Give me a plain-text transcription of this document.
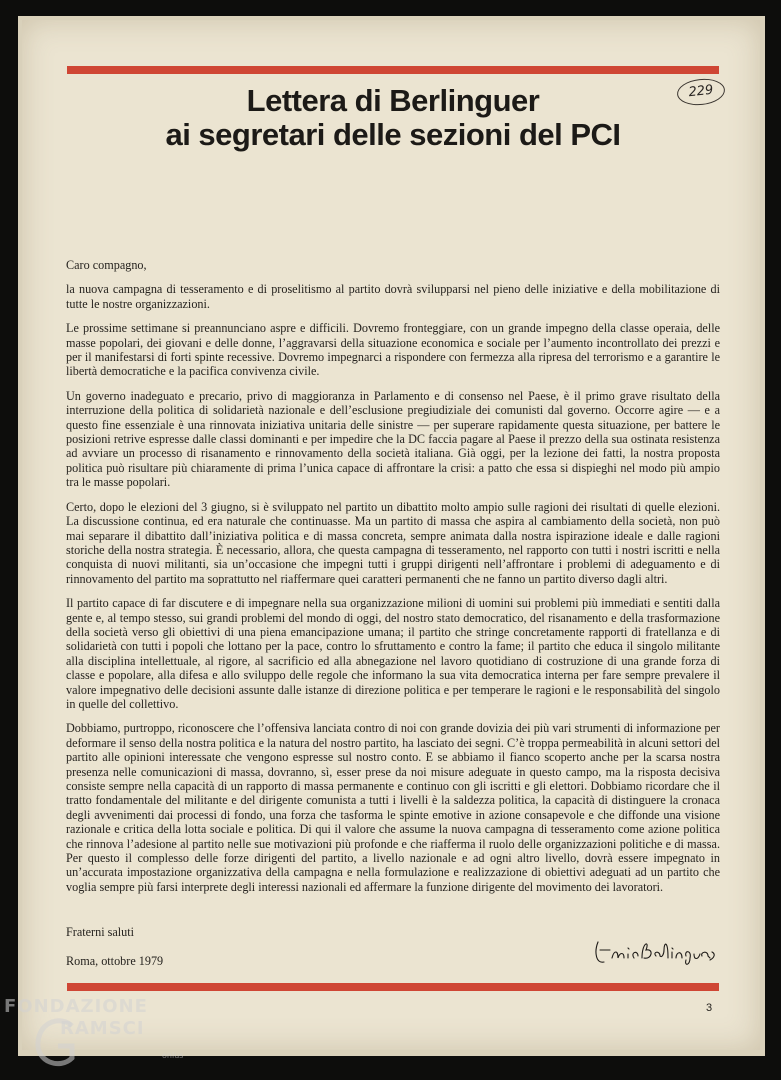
Lettera di Berlinguer
ai segretari delle sezioni del PCI
229

Caro compagno,

la nuova campagna di tesseramento e di proselitismo al partito dovrà svilupparsi nel pieno delle iniziative e della mobilitazione di tutte le nostre organizzazioni.

Le prossime settimane si preannunciano aspre e difficili. Dovremo fronteggiare, con un grande impegno della classe operaia, delle masse popolari, dei giovani e delle donne, l’aggravarsi della situazione economica e sociale per l’aumento incontrollato dei prezzi e per il manifestarsi di forti spinte recessive. Dovremo impegnarci a rispondere con fermezza alla ripresa del terrorismo e a garantire le libertà democratiche e la pacifica convivenza civile.

Un governo inadeguato e precario, privo di maggioranza in Parlamento e di consenso nel Paese, è il primo grave risultato della interruzione della politica di solidarietà nazionale e dell’esclusione pregiudiziale dei comunisti dal governo. Occorre agire — e a questo fine essenziale è una rinnovata iniziativa unitaria delle sinistre — per superare rapidamente questa situazione, per battere le posizioni retrive espresse dalle classi dominanti e per impedire che la DC faccia pagare al Paese il prezzo della sua ostinata resistenza ad avviare un processo di risanamento e rinnovamento della società italiana. Già oggi, per la lezione dei fatti, la nostra proposta politica può risultare più chiaramente di prima l’unica capace di affrontare la crisi: a patto che essa si dispieghi nel modo più ampio tra le masse popolari.

Certo, dopo le elezioni del 3 giugno, si è sviluppato nel partito un dibattito molto ampio sulle ragioni dei risultati di quelle elezioni. La discussione continua, ed era naturale che continuasse. Ma un partito di massa che aspira al cambiamento della società, non può mai separare il dibattito dall’iniziativa politica e di massa concreta, sempre animata dalla nostra ispirazione ideale e dalle ragioni storiche della nostra strategia. È necessario, allora, che questa campagna di tesseramento, nel rapporto con tutti i nostri iscritti e nella conquista di nuovi militanti, sia un’occasione che impegni tutti i gruppi dirigenti nell’affrontare i problemi di adeguamento e di rinnovamento del partito ma soprattutto nel riaffermare quei caratteri permanenti che ne fanno un partito diverso dagli altri.

Il partito capace di far discutere e di impegnare nella sua organizzazione milioni di uomini sui problemi più immediati e sentiti dalla gente e, al tempo stesso, sui grandi problemi del mondo di oggi, del nostro stato democratico, del risanamento e della trasformazione della società verso gli obiettivi di una piena emancipazione umana; il partito che stringe concretamente rapporti di fratellanza e di solidarietà con tutti i popoli che lottano per la pace, contro lo sfruttamento e contro la fame; il partito che educa il singolo militante alla disciplina intellettuale, al rigore, al sacrificio ed alla abnegazione nel lavoro quotidiano di costruzione di una grande forza di classe e popolare, alla difesa e allo sviluppo delle regole che informano la sua vita democratica interna per fare sempre prevalere il valore impegnativo delle decisioni assunte dalle istanze di direzione politica e per temperare le ragioni e le responsabilità del singolo in quelle del collettivo.

Dobbiamo, purtroppo, riconoscere che l’offensiva lanciata contro di noi con grande dovizia dei più vari strumenti di informazione per deformare il senso della nostra politica e la natura del nostro partito, ha lasciato dei segni. C’è troppa permeabilità in alcuni settori del partito alle opinioni interessate che vengono espresse sul nostro conto. E se abbiamo il fianco scoperto anche per la scarsa nostra presenza nelle comunicazioni di massa, dovranno, sì, esser prese da noi misure adeguate in questo campo, ma la risposta decisiva consiste sempre nella capacità di un rapporto di massa permanente e continuo con gli iscritti e gli elettori. Dobbiamo ricordare che il tratto fondamentale del militante e del dirigente comunista a tutti i livelli è la saldezza politica, la capacità di distinguere la cronaca degli avvenimenti dai processi di fondo, una forza che tasforma le spinte emotive in azione consapevole e che diffonde una visione razionale e critica della lotta sociale e politica. Di qui il valore che assume la nuova campagna di tesseramento come azione politica che rinnova l’adesione al partito nelle sue motivazioni più profonde e che riafferma il ruolo delle organizzazioni politiche e di massa. Per questo il complesso delle forze dirigenti del partito, a livello nazionale e ad ogni altro livello, dovrà essere impegnato in un’accurata impostazione organizzativa della campagna e nella formulazione e realizzazione di obiettivi adeguati ad un partito che voglia sempre più farsi interprete degli interessi nazionali ed affermare la funzione dirigente del movimento dei lavoratori.

Fraterni saluti
Roma, ottobre 1979
3
FONDAZIONE
RAMSCI
onlus
